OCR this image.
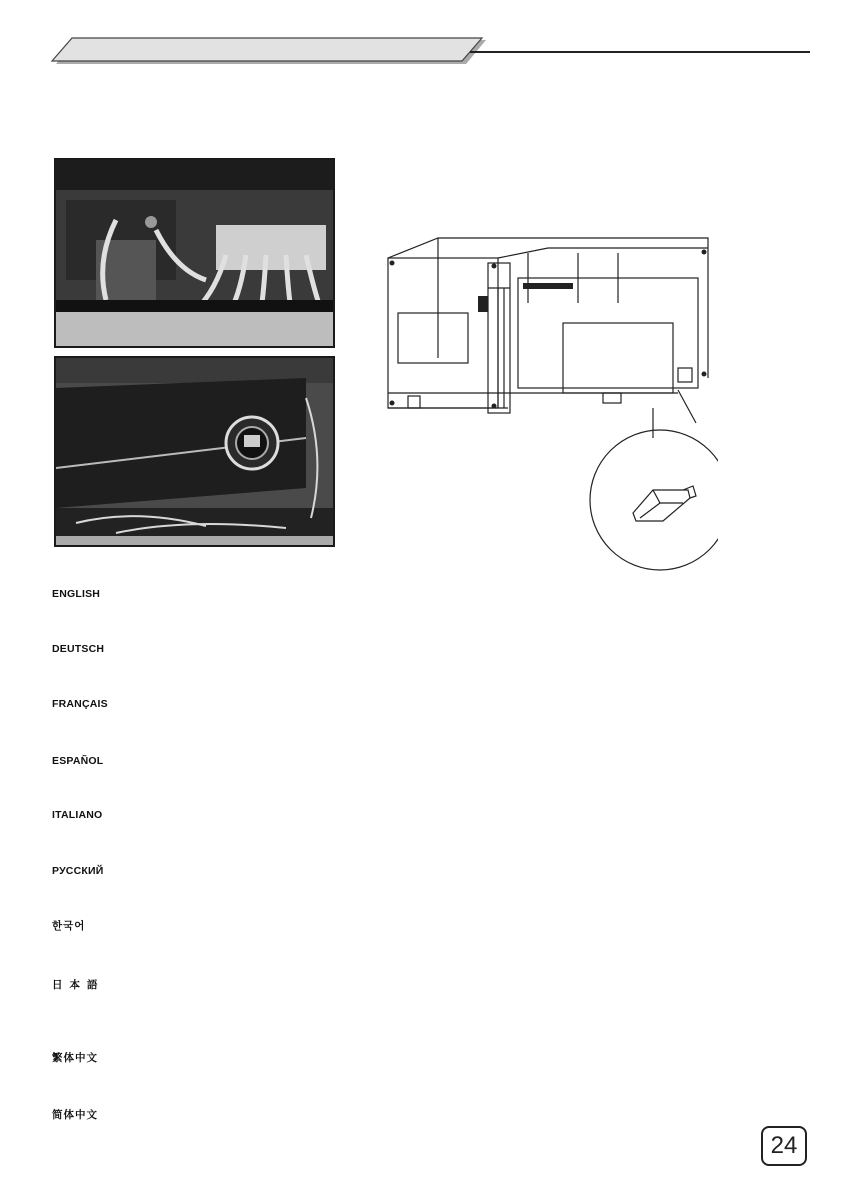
ENGLISH
DEUTSCH
FRANÇAIS
ESPAÑOL
ITALIANO
РУССКИЙ
한국어
日本語
繁体中文
简体中文
24
